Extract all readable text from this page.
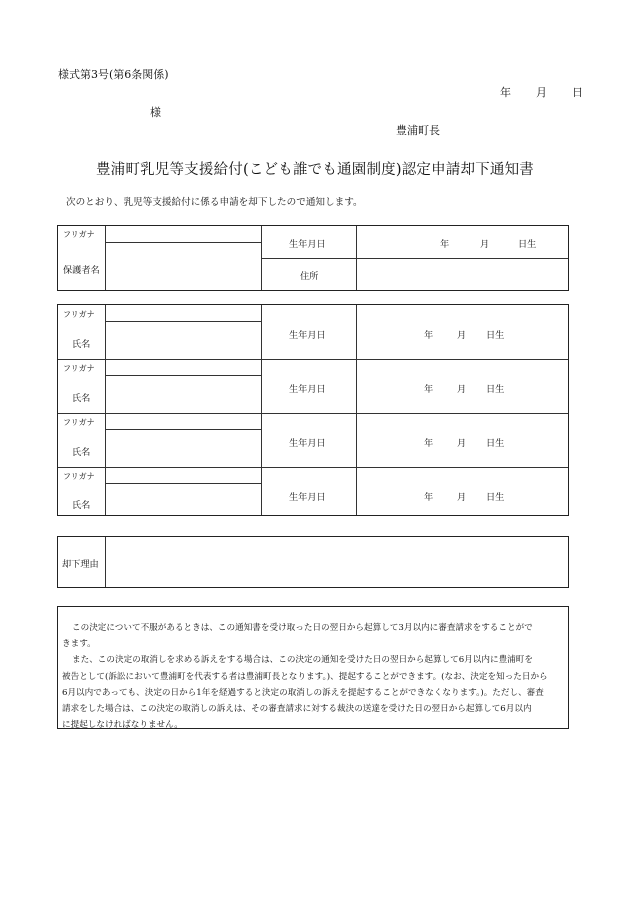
様式第3号(第6条関係)
年 月 日
様
豊浦町長
豊浦町乳児等支援給付(こども誰でも通園制度)認定申請却下通知書
次のとおり、乳児等支援給付に係る申請を却下したので通知します。
フリガナ
保護者名
生年月日	年	月	日生
住所
フリガナ
氏名
生年月日	年	月 日生
フリガナ
氏名
生年月日	年	月 日生
フリガナ
氏名
生年月日	年	月 日生
フリガナ
氏名
生年月日	年	月 日生
却下理由

この決定について不服があるときは、この通知書を受け取った日の翌日から起算して3月以内に審査請求をすることがで

きます。

また、この決定の取消しを求める訴えをする場合は、この決定の通知を受けた日の翌日から起算して6月以内に豊浦町を

被告として(訴訟において豊浦町を代表する者は豊浦町長となります。)、提起することができます。(なお、決定を知った日から

6月以内であっても、決定の日から1年を経過すると決定の取消しの訴えを提起することができなくなります。)。ただし、審査

請求をした場合は、この決定の取消しの訴えは、その審査請求に対する裁決の送達を受けた日の翌日から起算して6月以内

に提起しなければなりません。
